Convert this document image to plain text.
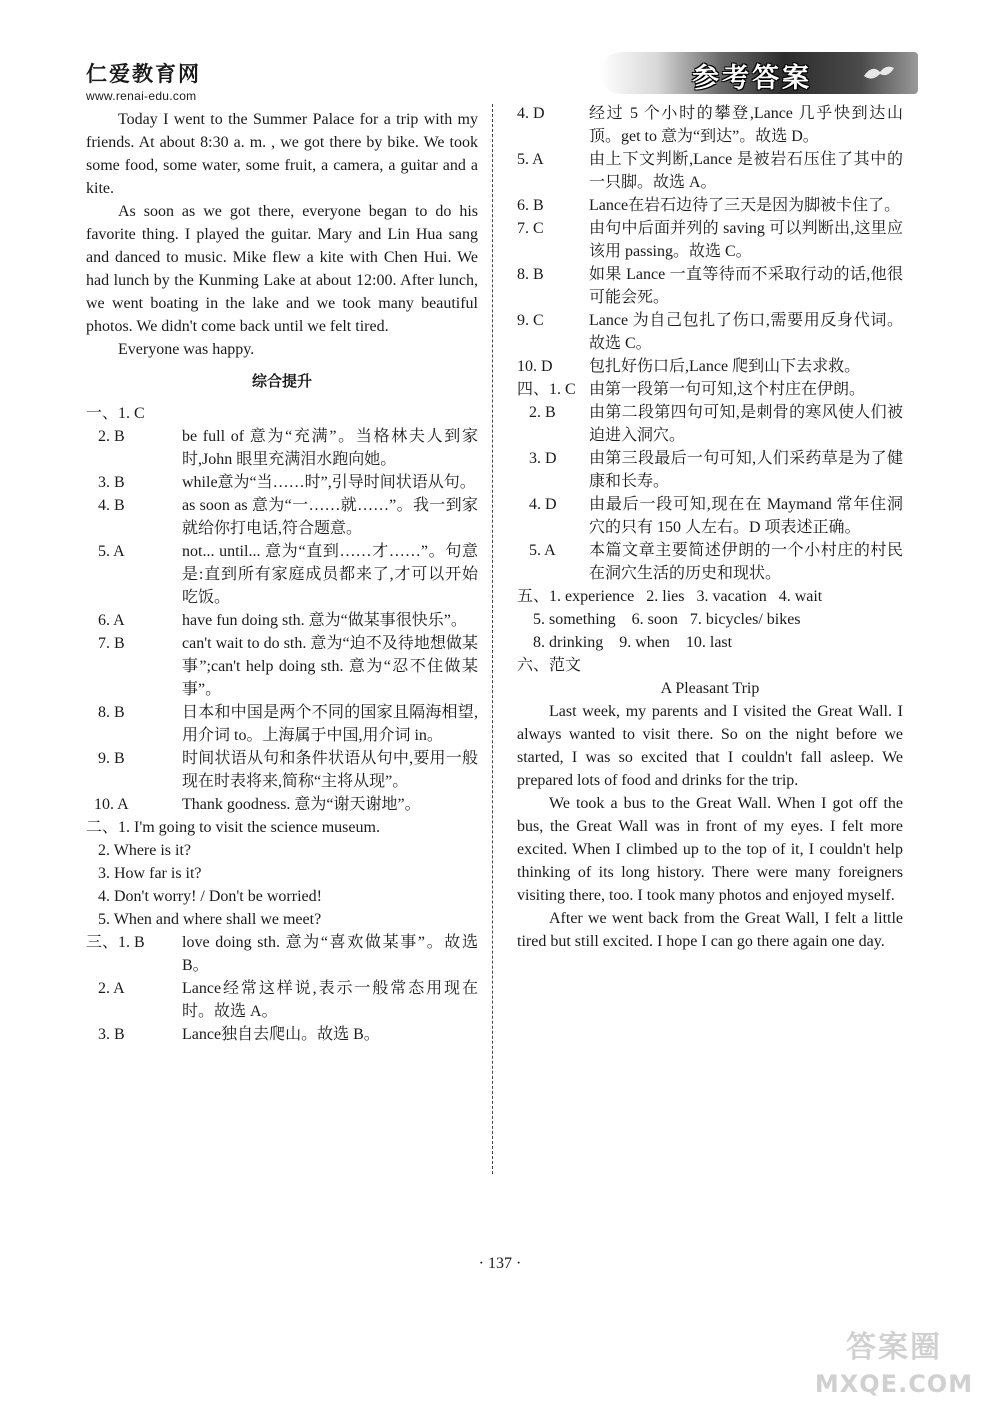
仁爱教育网
www.renai-edu.com
参考答案

Today I went to the Summer Palace for a trip with my friends. At about 8:30 a. m. , we got there by bike. We took some food, some water, some fruit, a camera, a guitar and a kite.

As soon as we got there, everyone began to do his favorite thing. I played the guitar. Mary and Lin Hua sang and danced to music. Mike flew a kite with Chen Hui. We had lunch by the Kunming Lake at about 12:00. After lunch, we went boating in the lake and we took many beautiful photos. We didn't come back until we felt tired.

Everyone was happy.

综合提升
一、1. C
2. B	be full of 意为“充满”。当格林夫人到家时,John 眼里充满泪水跑向她。
3. B	while意为“当……时”,引导时间状语从句。
4. B	as soon as 意为“一……就……”。我一到家就给你打电话,符合题意。
5. A	not... until... 意为“直到……才……”。句意是:直到所有家庭成员都来了,才可以开始吃饭。
6. A	have fun doing sth. 意为“做某事很快乐”。
7. B	can't wait to do sth. 意为“迫不及待地想做某事”;can't help doing sth. 意为“忍不住做某事”。
8. B	日本和中国是两个不同的国家且隔海相望,用介词 to。上海属于中国,用介词 in。
9. B	时间状语从句和条件状语从句中,要用一般现在时表将来,简称“主将从现”。
10. A	Thank goodness. 意为“谢天谢地”。
二、1. I'm going to visit the science museum.
2. Where is it?
3. How far is it?
4. Don't worry! / Don't be worried!
5. When and where shall we meet?
三、1. B	love doing sth. 意为“喜欢做某事”。故选 B。
2. A	Lance经常这样说,表示一般常态用现在时。故选 A。
3. B	Lance独自去爬山。故选 B。
4. D	经过 5 个小时的攀登,Lance 几乎快到达山顶。get to 意为“到达”。故选 D。
5. A	由上下文判断,Lance 是被岩石压住了其中的一只脚。故选 A。
6. B	Lance在岩石边待了三天是因为脚被卡住了。
7. C	由句中后面并列的 saving 可以判断出,这里应该用 passing。故选 C。
8. B	如果 Lance 一直等待而不采取行动的话,他很可能会死。
9. C	Lance 为自己包扎了伤口,需要用反身代词。故选 C。
10. D	包扎好伤口后,Lance 爬到山下去求救。
四、1. C 由第一段第一句可知,这个村庄在伊朗。
2. B	由第二段第四句可知,是刺骨的寒风使人们被迫进入洞穴。
3. D	由第三段最后一句可知,人们采药草是为了健康和长寿。
4. D	由最后一段可知,现在在 Maymand 常年住洞穴的只有 150 人左右。D 项表述正确。
5. A	本篇文章主要简述伊朗的一个小村庄的村民在洞穴生活的历史和现状。
五、1. experience   2. lies   3. vacation   4. wait
5. something    6. soon   7. bicycles/ bikes
8. drinking    9. when    10. last
六、范文

A Pleasant Trip

Last week, my parents and I visited the Great Wall. I always wanted to visit there. So on the night before we started, I was so excited that I couldn't fall asleep. We prepared lots of food and drinks for the trip.

We took a bus to the Great Wall. When I got off the bus, the Great Wall was in front of my eyes. I felt more excited. When I climbed up to the top of it, I couldn't help thinking of its long history. There were many foreigners visiting there, too. I took many photos and enjoyed myself.

After we went back from the Great Wall, I felt a little tired but still excited. I hope I can go there again one day.

· 137 ·
答案圈
MXQE.COM
